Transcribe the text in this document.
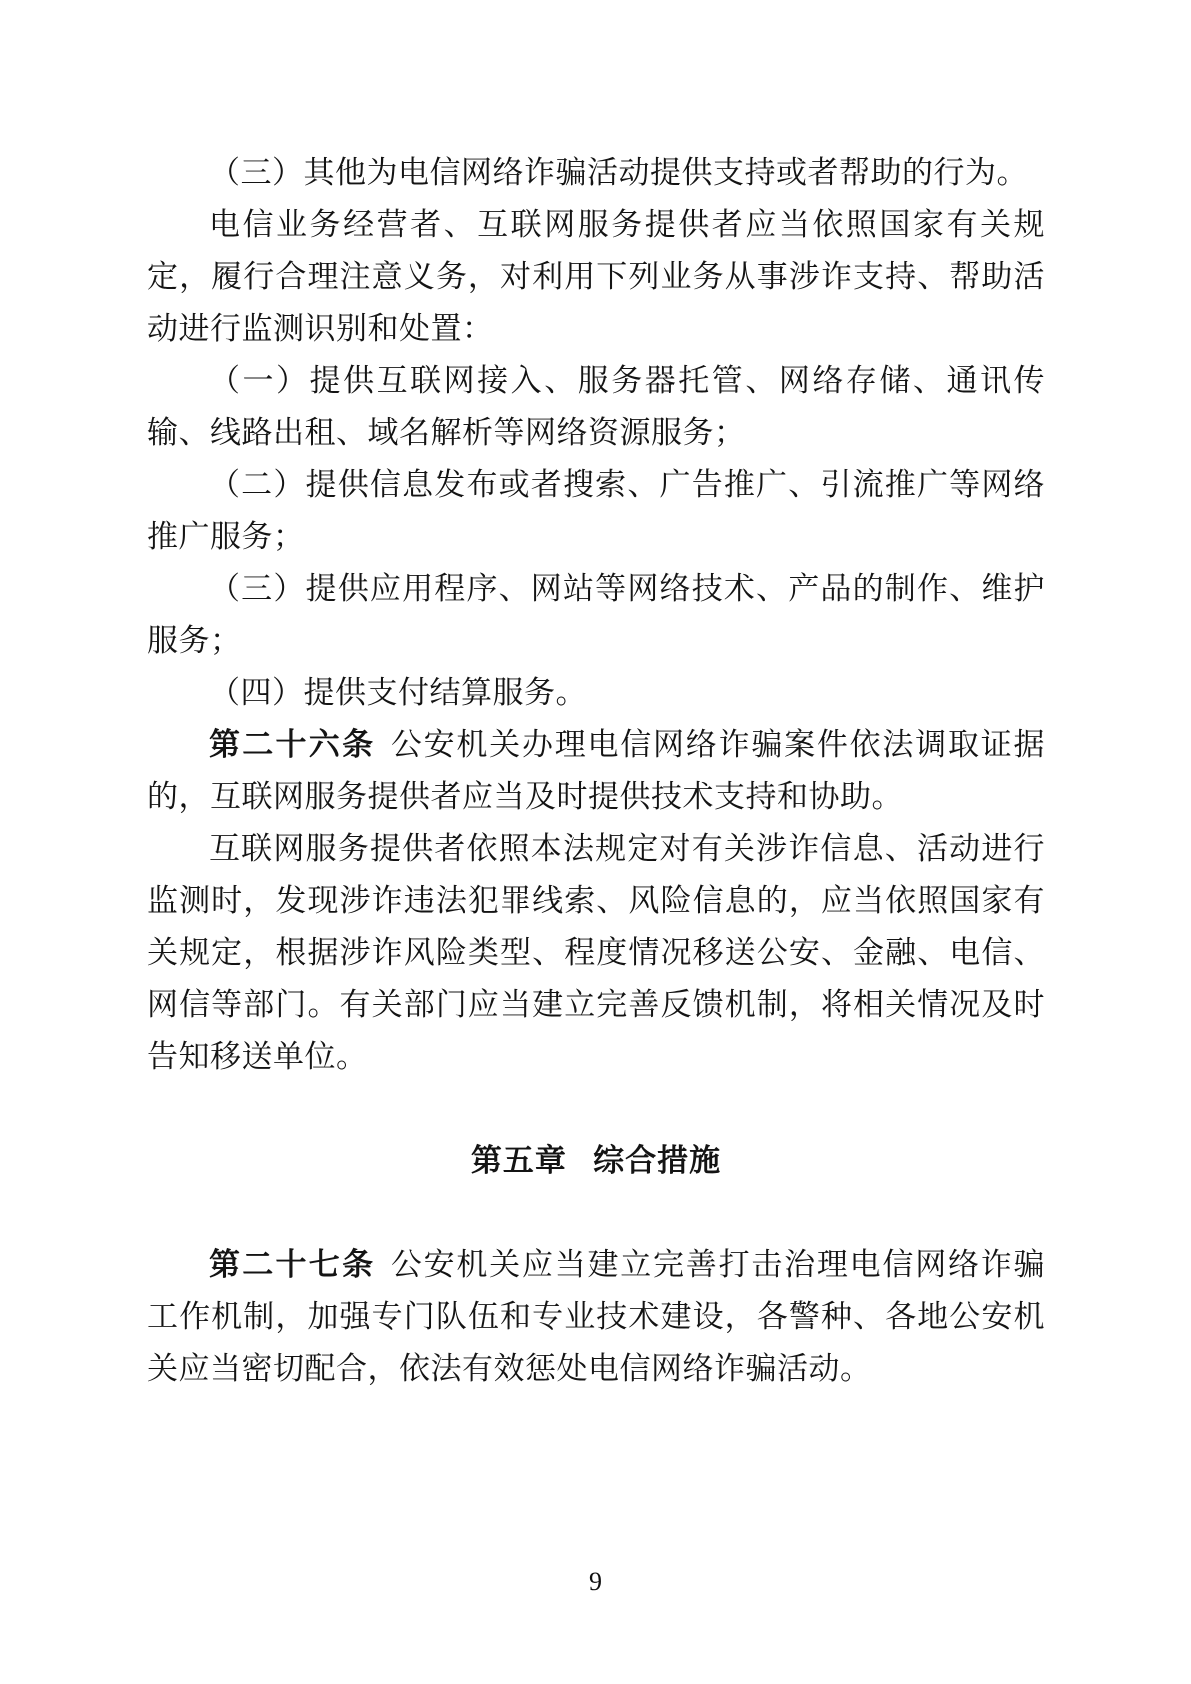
（三）其他为电信网络诈骗活动提供支持或者帮助的行为。

电信业务经营者、互联网服务提供者应当依照国家有关规定，履行合理注意义务，对利用下列业务从事涉诈支持、帮助活动进行监测识别和处置：

（一）提供互联网接入、服务器托管、网络存储、通讯传输、线路出租、域名解析等网络资源服务；

（二）提供信息发布或者搜索、广告推广、引流推广等网络推广服务；

（三）提供应用程序、网站等网络技术、产品的制作、维护服务；

（四）提供支付结算服务。

第二十六条 公安机关办理电信网络诈骗案件依法调取证据的，互联网服务提供者应当及时提供技术支持和协助。

互联网服务提供者依照本法规定对有关涉诈信息、活动进行监测时，发现涉诈违法犯罪线索、风险信息的，应当依照国家有关规定，根据涉诈风险类型、程度情况移送公安、金融、电信、网信等部门。有关部门应当建立完善反馈机制，将相关情况及时告知移送单位。

第五章 综合措施

第二十七条 公安机关应当建立完善打击治理电信网络诈骗工作机制，加强专门队伍和专业技术建设，各警种、各地公安机关应当密切配合，依法有效惩处电信网络诈骗活动。

9
